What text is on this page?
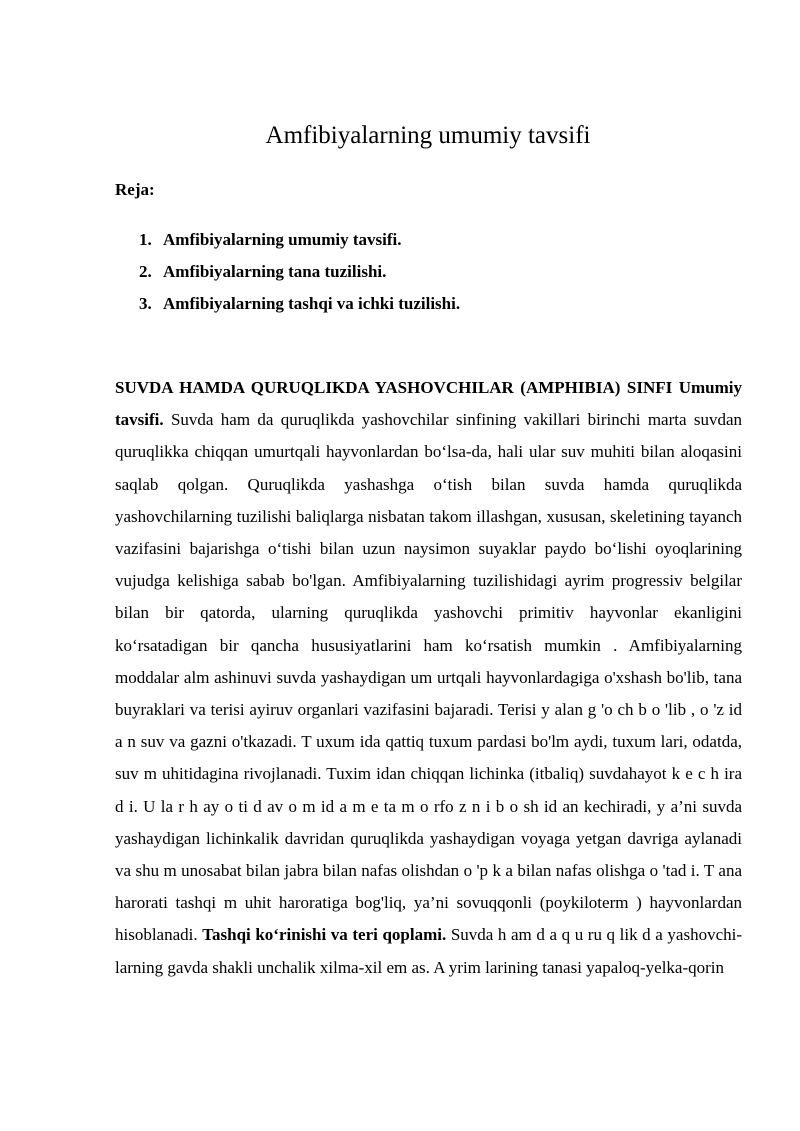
Amfibiyalarning umumiy tavsifi
Reja:
1. Amfibiyalarning umumiy tavsifi.
2. Amfibiyalarning tana tuzilishi.
3. Amfibiyalarning tashqi va ichki tuzilishi.

SUVDA HAMDA QURUQLIKDA YASHOVCHILAR (AMPHIBIA) SINFI Umumiy tavsifi. Suvda ham da quruqlikda yashovchilar sinfining vakillari birinchi marta suvdan quruqlikka chiqqan umurtqali hayvonlardan bo‘lsa-da, hali ular suv muhiti bilan aloqasini saqlab qolgan. Quruqlikda yashashga o‘tish bilan suvda hamda quruqlikda yashovchilarning tuzilishi baliqlarga nisbatan takom illashgan, xususan, skeletining tayanch vazifasini bajarishga o‘tishi bilan uzun naysimon suyaklar paydo bo‘lishi oyoqlarining vujudga kelishiga sabab bo'lgan. Amfibiyalarning tuzilishidagi ayrim progressiv belgilar bilan bir qatorda, ularning quruqlikda yashovchi primitiv hayvonlar ekanligini ko‘rsatadigan bir qancha hususiyatlarini ham ko‘rsatish mumkin . Amfibiyalarning moddalar alm ashinuvi suvda yashaydigan um urtqali hayvonlardagiga o'xshash bo'lib, tana buyraklari va terisi ayiruv organlari vazifasini bajaradi. Terisi y alan g 'o ch b o 'lib , o 'z id a n suv va gazni o'tkazadi. T uxum ida qattiq tuxum pardasi bo'lm aydi, tuxum lari, odatda, suv m uhitidagina rivojlanadi. Tuxim idan chiqqan lichinka (itbaliq) suvdahayot k e c h ira d i. U la r h ay o ti d av o m id a m e ta m o rfo z n i b o sh id an kechiradi, y a’ni suvda yashaydigan lichinkalik davridan quruqlikda yashaydigan voyaga yetgan davriga aylanadi va shu m unosabat bilan jabra bilan nafas olishdan o 'p k a bilan nafas olishga o 'tad i. T ana harorati tashqi m uhit haroratiga bog'liq, ya’ni sovuqqonli (poykiloterm ) hayvonlardan hisoblanadi. Tashqi ko‘rinishi va teri qoplami. Suvda h am d a q u ru q lik d a yashovchi-larning gavda shakli unchalik xilma-xil em as. A yrim larining tanasi yapaloq-yelka-qorin
